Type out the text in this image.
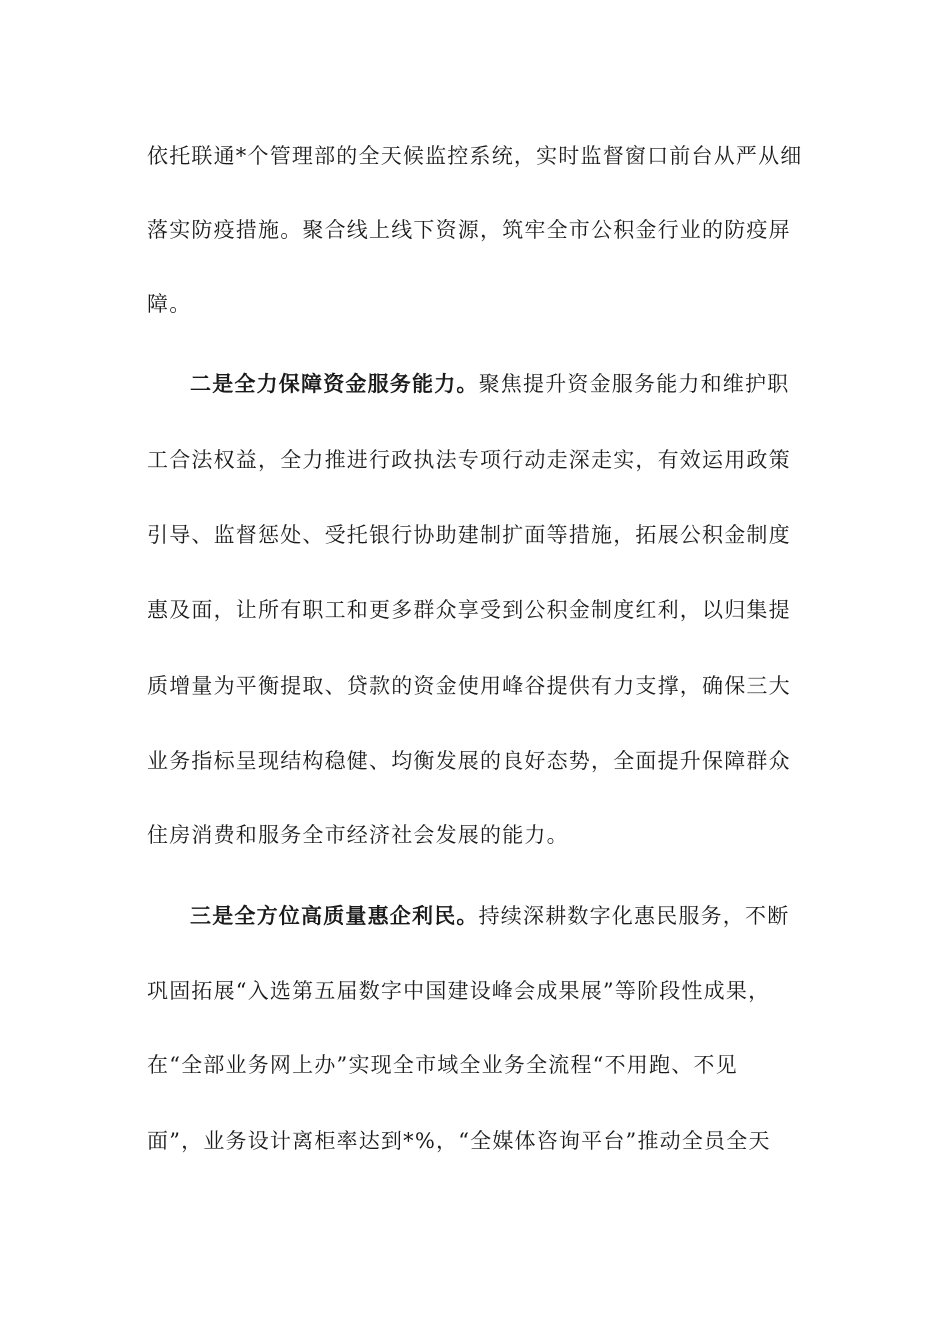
依托联通*个管理部的全天候监控系统，实时监督窗口前台从严从细
落实防疫措施。聚合线上线下资源，筑牢全市公积金行业的防疫屏
障。
二是全力保障资金服务能力。聚焦提升资金服务能力和维护职
工合法权益，全力推进行政执法专项行动走深走实，有效运用政策
引导、监督惩处、受托银行协助建制扩面等措施，拓展公积金制度
惠及面，让所有职工和更多群众享受到公积金制度红利，以归集提
质增量为平衡提取、贷款的资金使用峰谷提供有力支撑，确保三大
业务指标呈现结构稳健、均衡发展的良好态势，全面提升保障群众
住房消费和服务全市经济社会发展的能力。
三是全方位高质量惠企利民。持续深耕数字化惠民服务，不断
巩固拓展“入选第五届数字中国建设峰会成果展”等阶段性成果，
在“全部业务网上办”实现全市域全业务全流程“不用跑、不见
面”，业务设计离柜率达到*%，“全媒体咨询平台”推动全员全天
